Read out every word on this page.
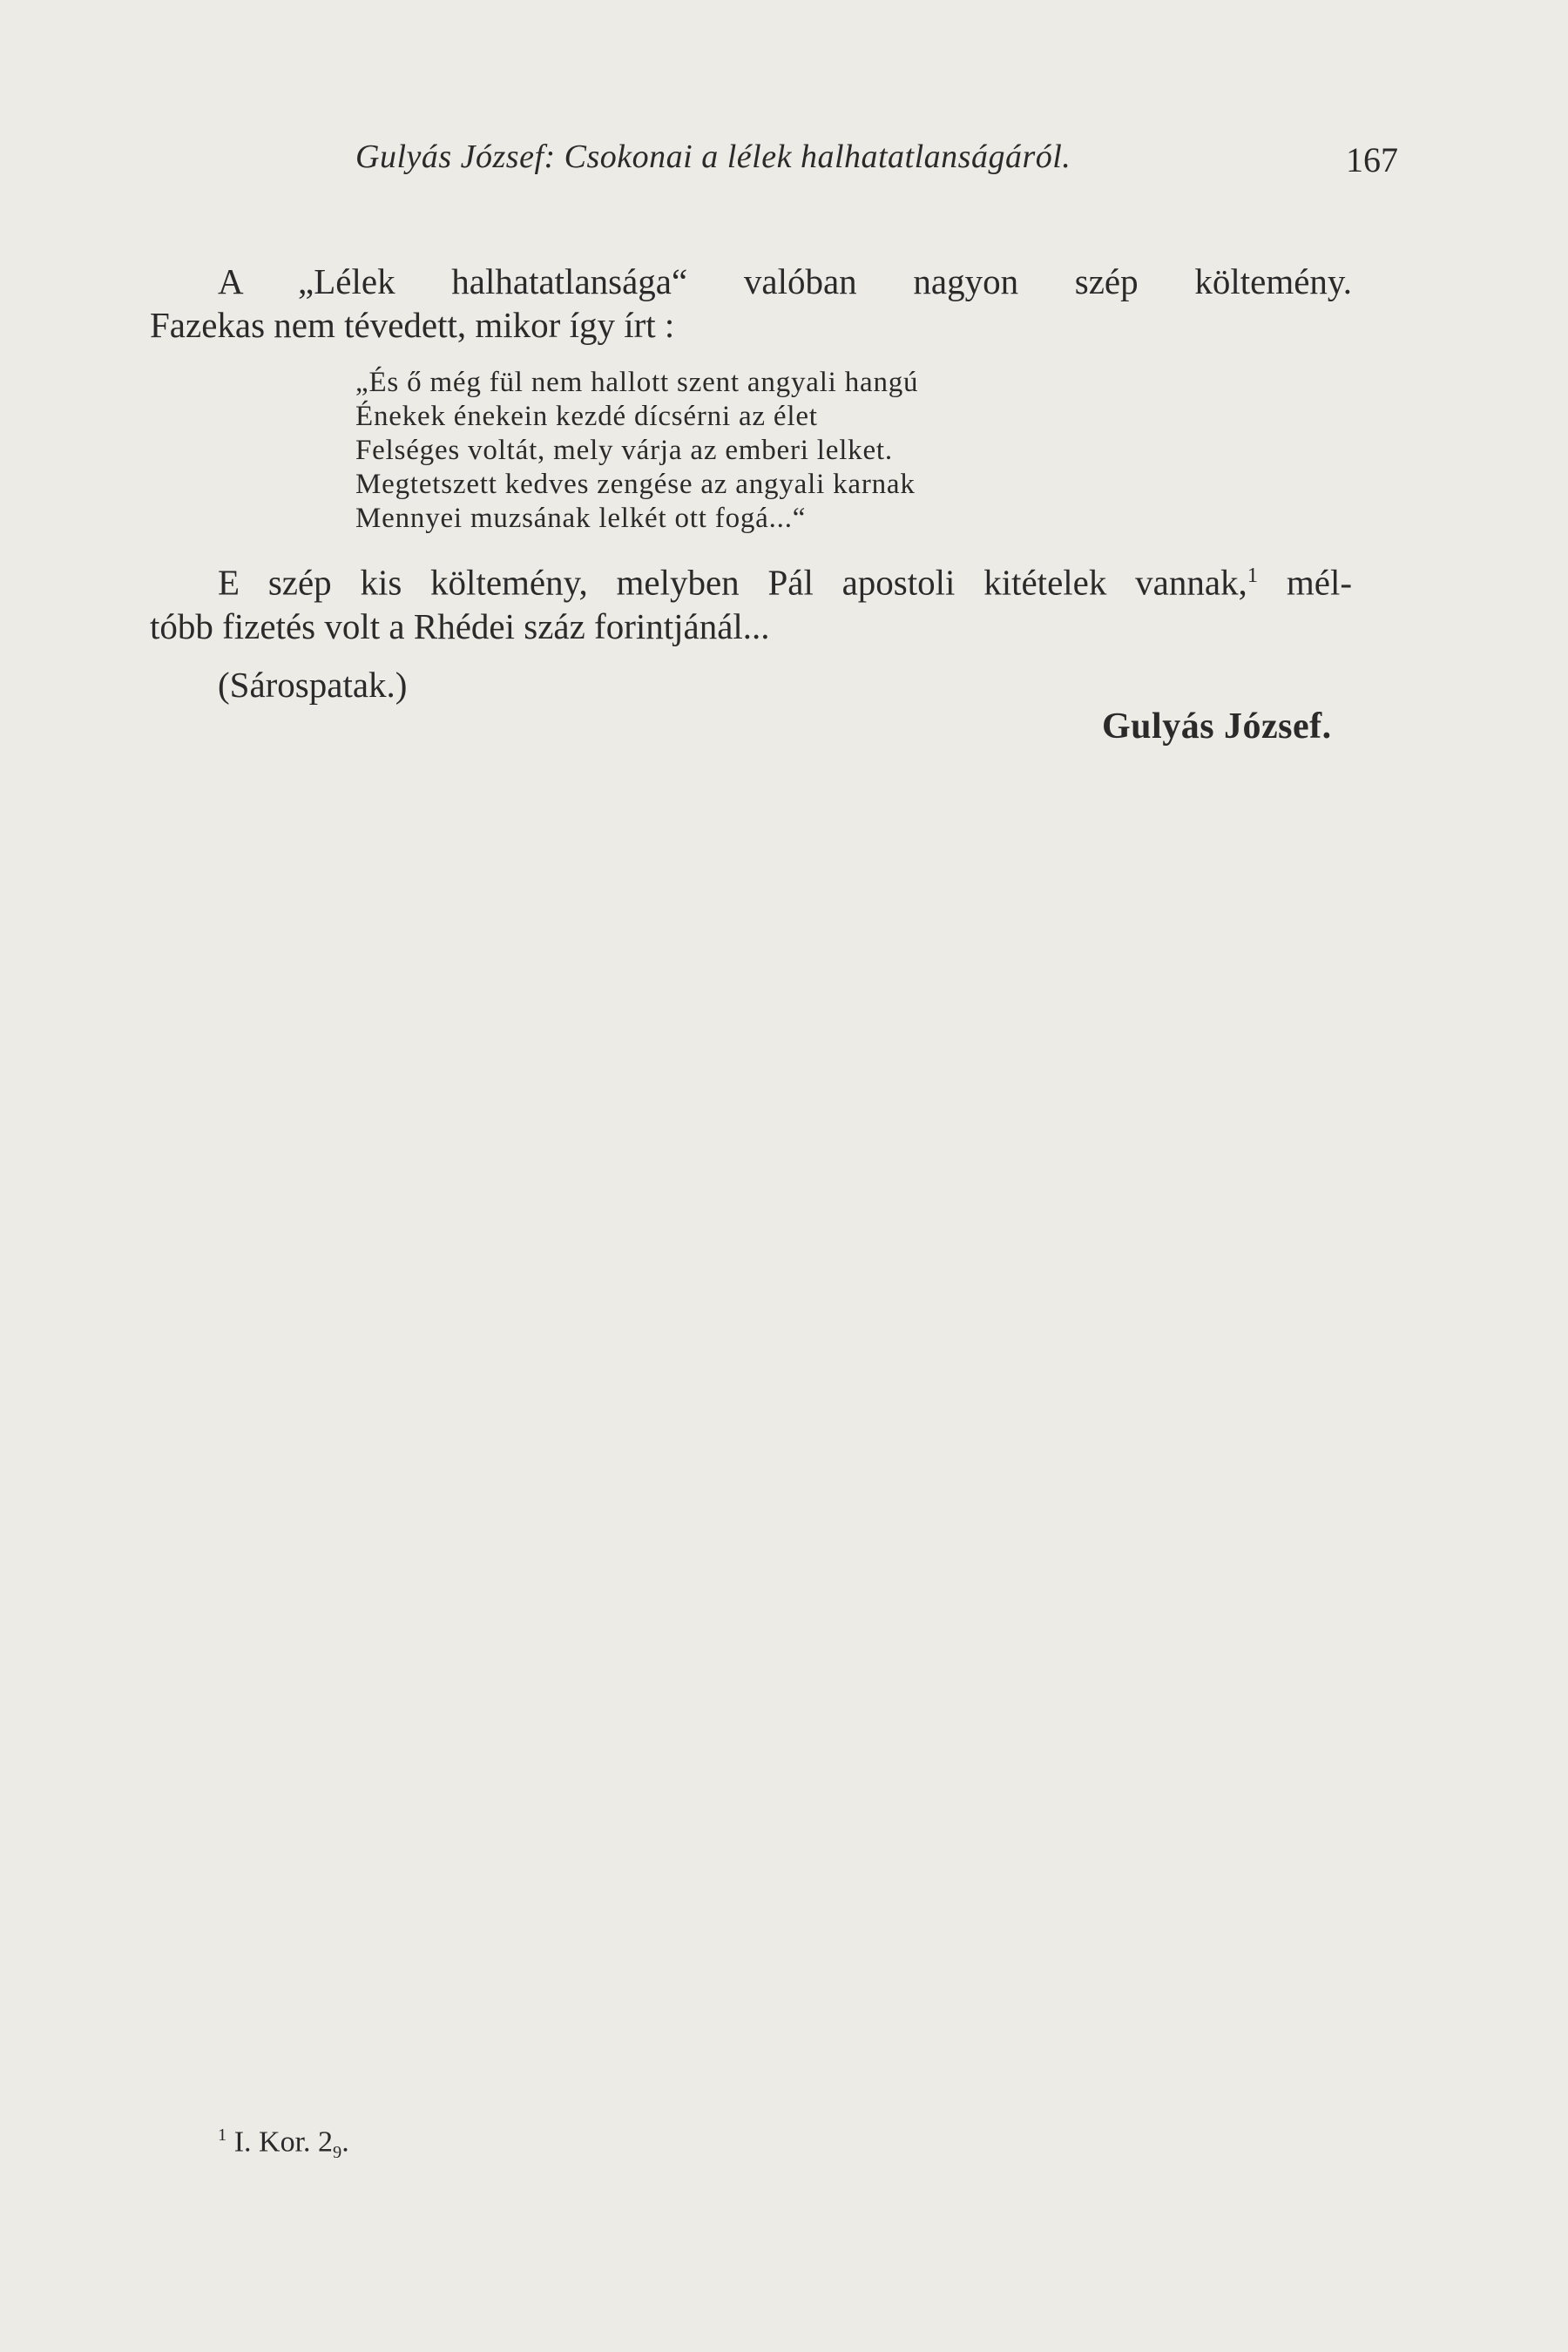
Gulyás József: Csokonai a lélek halhatatlanságáról.	167
A „Lélek halhatatlansága“ valóban nagyon szép költemény.
Fazekas nem tévedett, mikor így írt :
„És ő még fül nem hallott szent angyali hangú
Énekek énekein kezdé dícsérni az élet
Felséges voltát, mely várja az emberi lelket.
Megtetszett kedves zengése az angyali karnak
Mennyei muzsának lelkét ott fogá...“
E szép kis költemény, melyben Pál apostoli kitételek vannak,$^1$ mél-
tóbb fizetés volt a Rhédei száz forintjánál...
(Sárospatak.)
Gulyás József.
$^1$ I. Kor. $2_9$.
